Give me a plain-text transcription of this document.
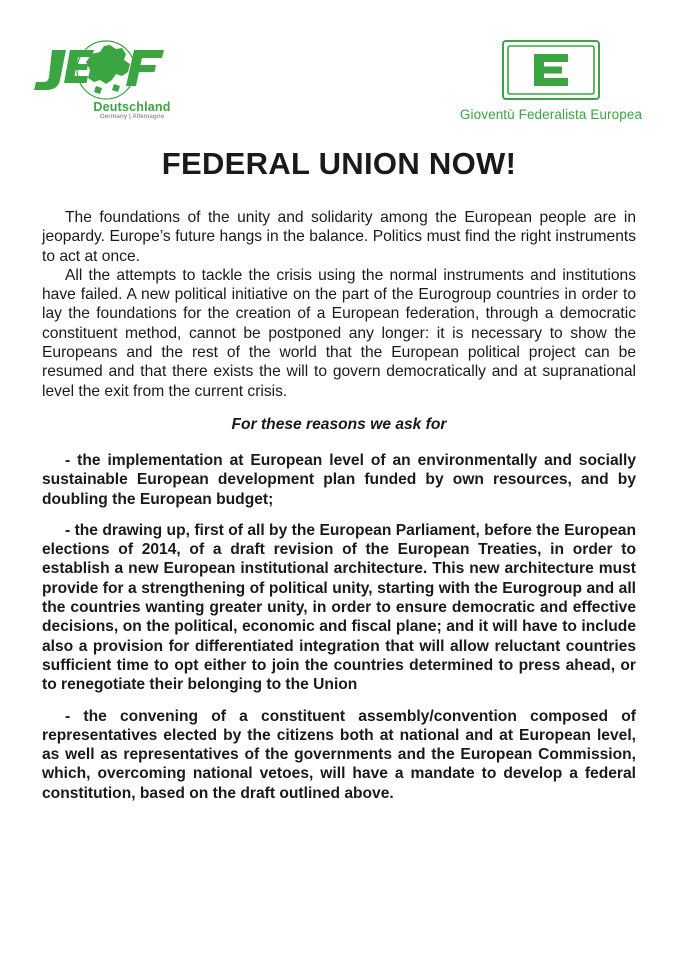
Deutschland
Germany | Allemagne	Gioventù Federalista Europea
FEDERAL UNION NOW!

The foundations of the unity and solidarity among the European people are in jeopardy. Europe’s future hangs in the balance. Politics must find the right instruments to act at once.

All the attempts to tackle the crisis using the normal instruments and institutions have failed. A new political initiative on the part of the Eurogroup countries in order to lay the foundations for the creation of a European federation, through a democratic constituent method, cannot be postponed any longer: it is necessary to show the Europeans and the rest of the world that the European political project can be resumed and that there exists the will to govern democratically and at supranational level the exit from the current crisis.

For these reasons we ask for

- the implementation at European level of an environmentally and socially sustainable European development plan funded by own resources, and by doubling the European budget;

- the drawing up, first of all by the European Parliament, before the European elections of 2014, of a draft revision of the European Treaties, in order to establish a new European institutional architecture. This new architecture must provide for a strengthening of political unity, starting with the Eurogroup and all the countries wanting greater unity, in order to ensure democratic and effective decisions, on the political, economic and fiscal plane; and it will have to include also a provision for differentiated integration that will allow reluctant countries sufficient time to opt either to join the countries determined to press ahead, or to renegotiate their belonging to the Union

- the convening of a constituent assembly/convention composed of representatives elected by the citizens both at national and at European level, as well as representatives of the governments and the European Commission, which, overcoming national vetoes, will have a mandate to develop a federal constitution, based on the draft outlined above.
